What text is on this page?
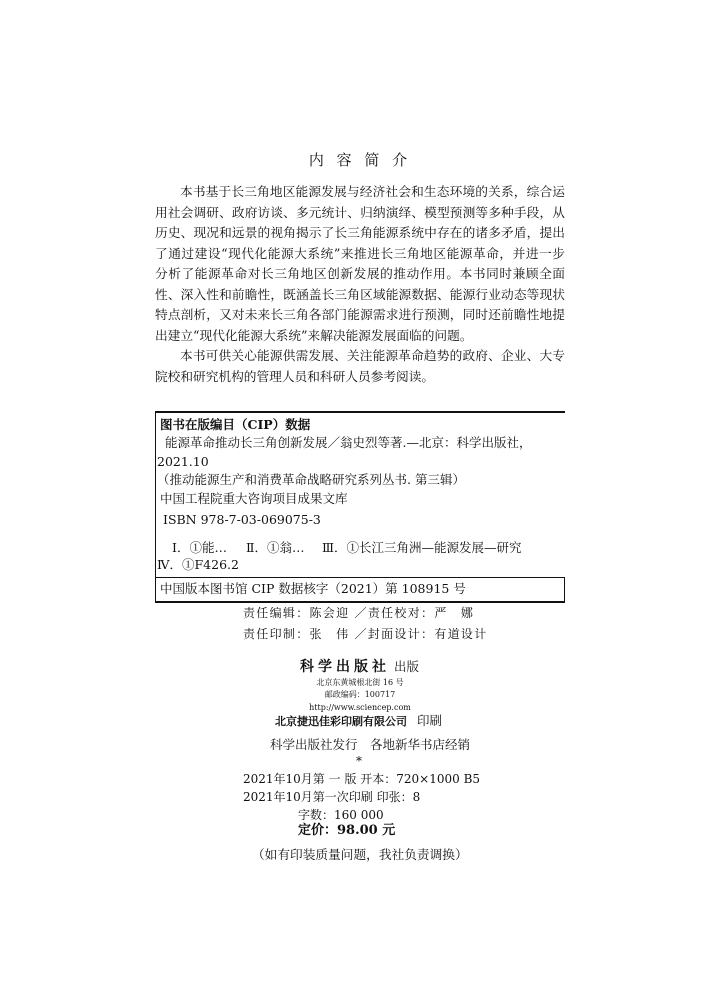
内 容 简 介
本书基于长三角地区能源发展与经济社会和生态环境的关系，综合运
用社会调研、政府访谈、多元统计、归纳演绎、模型预测等多种手段，从
历史、现况和远景的视角揭示了长三角能源系统中存在的诸多矛盾，提出
了通过建设“现代化能源大系统”来推进长三角地区能源革命，并进一步
分析了能源革命对长三角地区创新发展的推动作用。本书同时兼顾全面
性、深入性和前瞻性，既涵盖长三角区域能源数据、能源行业动态等现状
特点剖析，又对未来长三角各部门能源需求进行预测，同时还前瞻性地提
出建立“现代化能源大系统”来解决能源发展面临的问题。
本书可供关心能源供需发展、关注能源革命趋势的政府、企业、大专
院校和研究机构的管理人员和科研人员参考阅读。
图书在版编目（CIP）数据
能源革命推动长三角创新发展／翁史烈等著.—北京：科学出版社，
2021.10
（推动能源生产和消费革命战略研究系列丛书. 第三辑）
中国工程院重大咨询项目成果文库
ISBN 978-7-03-069075-3
Ⅰ．①能… Ⅱ．①翁… Ⅲ．①长江三角洲—能源发展—研究
Ⅳ．①F426.2
中国版本图书馆 CIP 数据核字（2021）第 108915 号
责任编辑：陈会迎 ／责任校对：严　娜
责任印制：张　伟 ／封面设计：有道设计
科学出版社 出版
北京东黄城根北街 16 号
邮政编码：100717
http://www.sciencep.com
北京捷迅佳彩印刷有限公司 印刷
科学出版社发行　各地新华书店经销
*
2021年10月第 一 版 开本：720×1000 B5
2021年10月第一次印刷 印张：8
字数：160 000
定价：98.00 元
（如有印装质量问题，我社负责调换）
